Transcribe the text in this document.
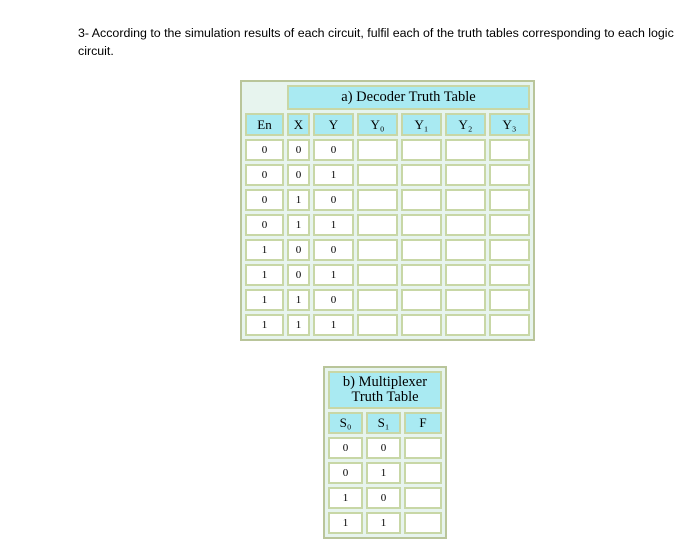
3- According to the simulation results of each circuit, fulfil each of the truth tables corresponding to each logic circuit.
	a) Decoder Truth Table					
En	X	Y	Y₀	Y₁	Y₂	Y₃
0	0	0				
0	0	1				
0	1	0				
0	1	1				
1	0	0				
1	0	1				
1	1	0				
1	1	1				
b) Multiplexer
Truth Table		
S₀	S₁	F
0	0	
0	1	
1	0	
1	1	
